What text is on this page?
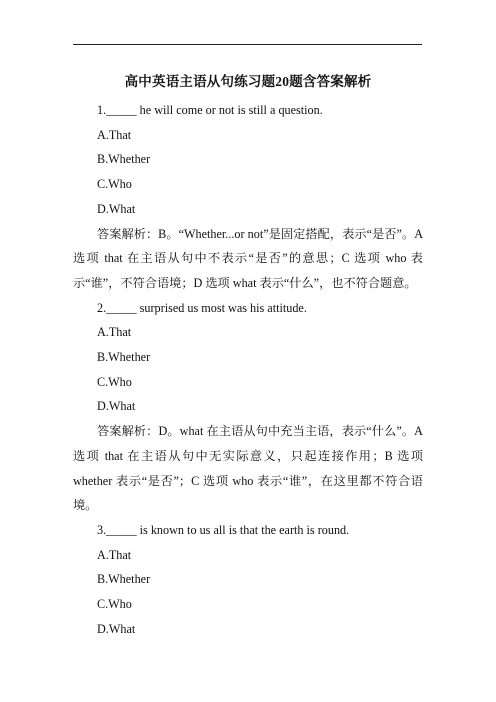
高中英语主语从句练习题20题含答案解析
1._____ he will come or not is still a question.
A.That
B.Whether
C.Who
D.What
答案解析：B。“Whether...or not”是固定搭配，表示“是否”。A 选项 that 在主语从句中不表示“是否”的意思；C 选项 who 表示“谁”，不符合语境；D 选项 what 表示“什么”，也不符合题意。
2._____ surprised us most was his attitude.
A.That
B.Whether
C.Who
D.What
答案解析：D。what 在主语从句中充当主语，表示“什么”。A 选项 that 在主语从句中无实际意义，只起连接作用；B 选项 whether 表示“是否”；C 选项 who 表示“谁”，在这里都不符合语境。
3._____ is known to us all is that the earth is round.
A.That
B.Whether
C.Who
D.What
